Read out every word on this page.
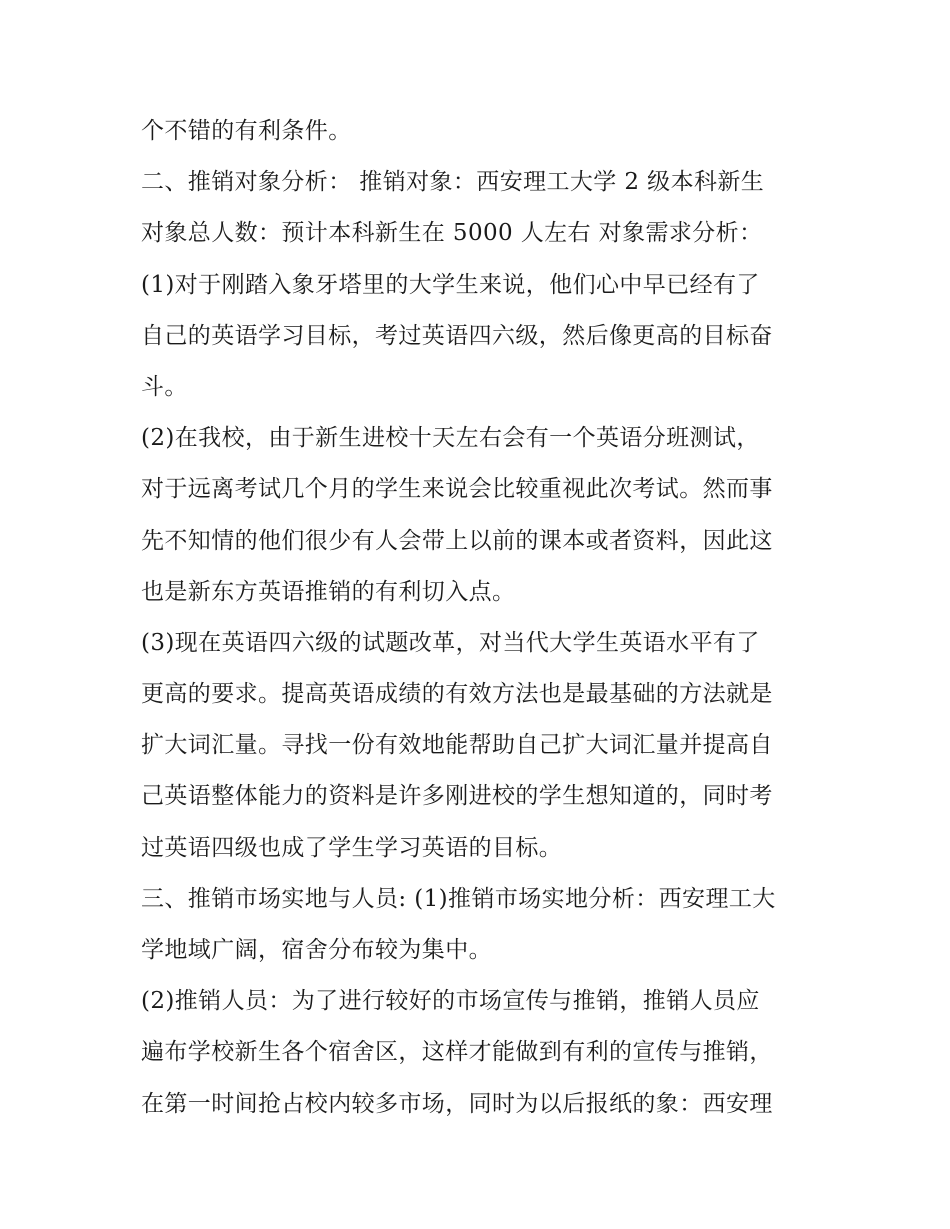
个不错的有利条件。

二、推销对象分析： 推销对象：西安理工大学 2 级本科新生

对象总人数：预计本科新生在 5000 人左右 对象需求分析：

(1)对于刚踏入象牙塔里的大学生来说，他们心中早已经有了

自己的英语学习目标，考过英语四六级，然后像更高的目标奋

斗。

(2)在我校，由于新生进校十天左右会有一个英语分班测试，

对于远离考试几个月的学生来说会比较重视此次考试。然而事

先不知情的他们很少有人会带上以前的课本或者资料，因此这

也是新东方英语推销的有利切入点。

(3)现在英语四六级的试题改革，对当代大学生英语水平有了

更高的要求。提高英语成绩的有效方法也是最基础的方法就是

扩大词汇量。寻找一份有效地能帮助自己扩大词汇量并提高自

己英语整体能力的资料是许多刚进校的学生想知道的，同时考

过英语四级也成了学生学习英语的目标。

三、推销市场实地与人员: (1)推销市场实地分析：西安理工大

学地域广阔，宿舍分布较为集中。

(2)推销人员：为了进行较好的市场宣传与推销，推销人员应

遍布学校新生各个宿舍区，这样才能做到有利的宣传与推销，

在第一时间抢占校内较多市场，同时为以后报纸的象：西安理
